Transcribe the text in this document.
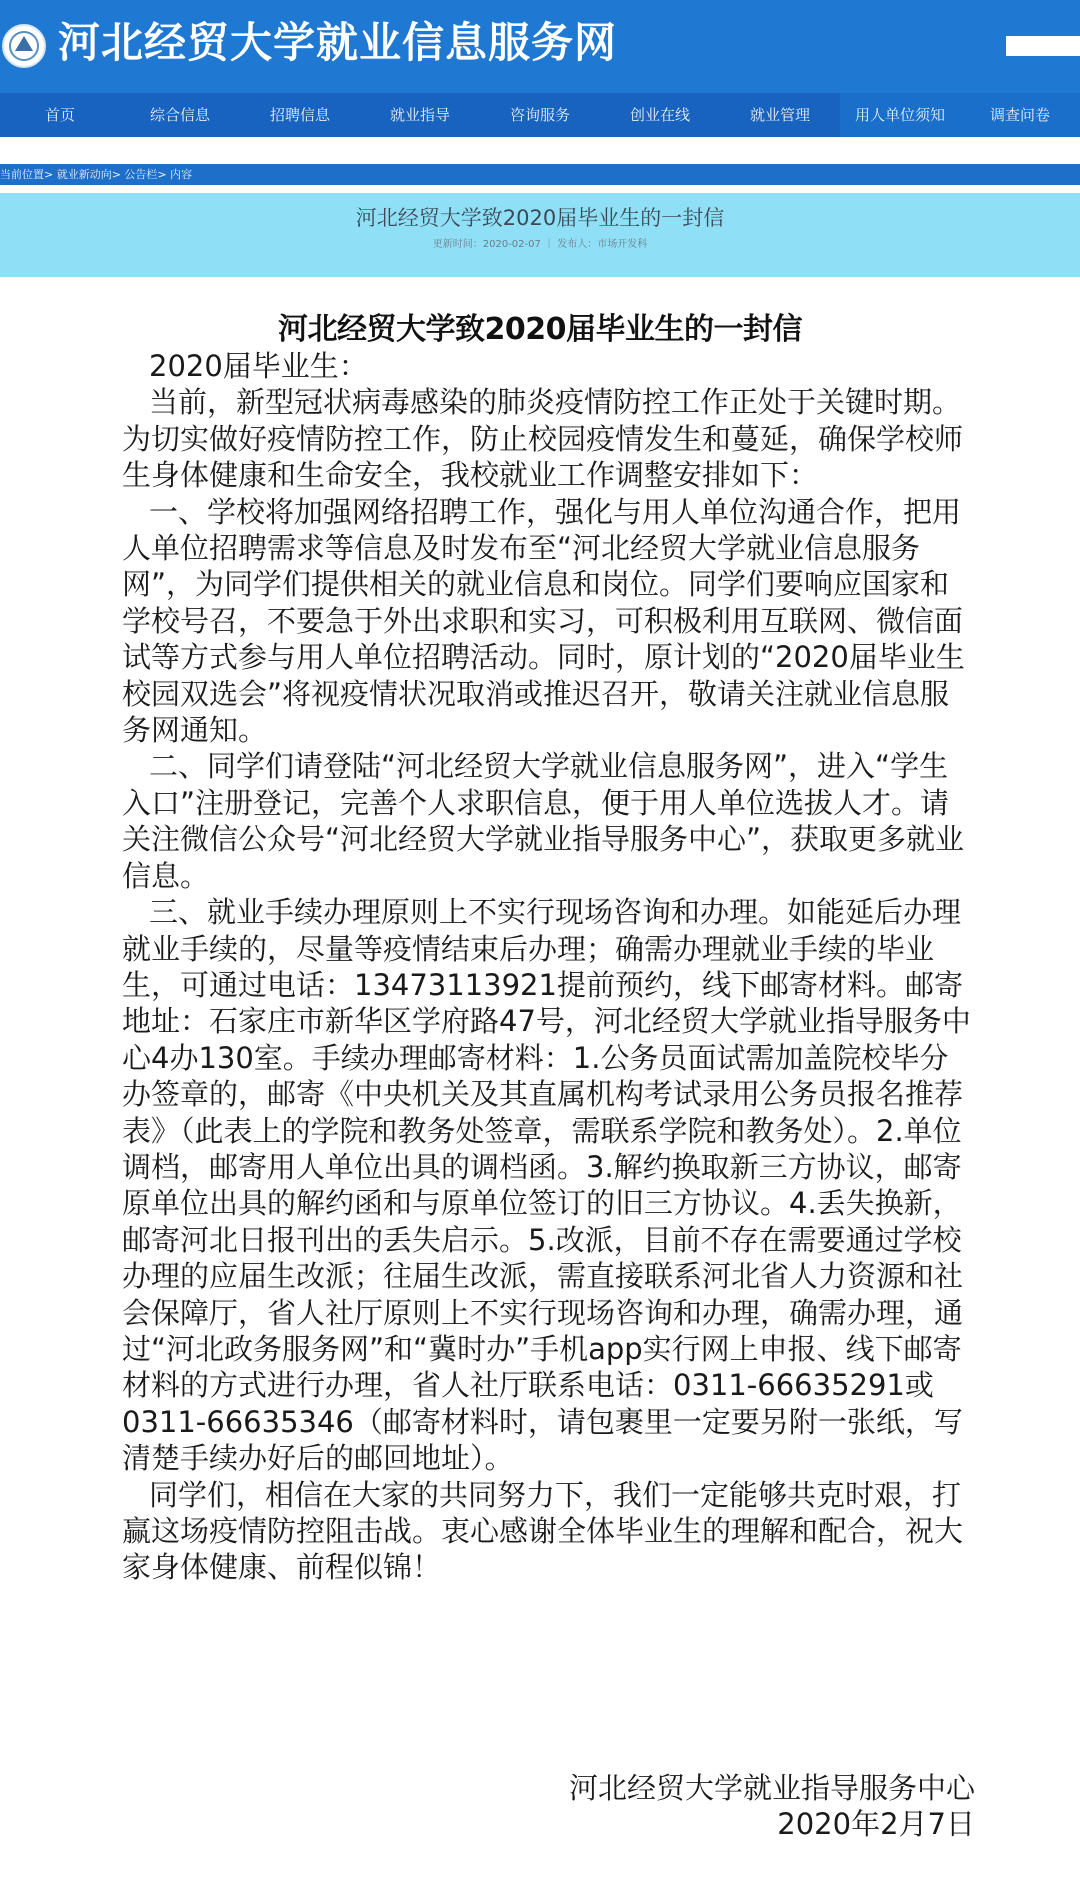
河北经贸大学就业信息服务网
首页	综合信息	招聘信息	就业指导	咨询服务	创业在线	就业管理	用人单位须知	调查问卷
当前位置> 就业新动向> 公告栏> 内容
河北经贸大学致2020届毕业生的一封信
更新时间：2020-02-07 ｜ 发布人：市场开发科
河北经贸大学致2020届毕业生的一封信

2020届毕业生：

当前，新型冠状病毒感染的肺炎疫情防控工作正处于关键时期。为切实做好疫情防控工作，防止校园疫情发生和蔓延，确保学校师生身体健康和生命安全，我校就业工作调整安排如下：

一、学校将加强网络招聘工作，强化与用人单位沟通合作，把用人单位招聘需求等信息及时发布至“河北经贸大学就业信息服务网”，为同学们提供相关的就业信息和岗位。同学们要响应国家和学校号召，不要急于外出求职和实习，可积极利用互联网、微信面试等方式参与用人单位招聘活动。同时，原计划的“2020届毕业生校园双选会”将视疫情状况取消或推迟召开，敬请关注就业信息服务网通知。

二、同学们请登陆“河北经贸大学就业信息服务网”，进入“学生入口”注册登记，完善个人求职信息，便于用人单位选拔人才。请关注微信公众号“河北经贸大学就业指导服务中心”，获取更多就业信息。

三、就业手续办理原则上不实行现场咨询和办理。如能延后办理就业手续的，尽量等疫情结束后办理；确需办理就业手续的毕业生，可通过电话：13473113921提前预约，线下邮寄材料。邮寄地址：石家庄市新华区学府路47号，河北经贸大学就业指导服务中心4办130室。手续办理邮寄材料：1.公务员面试需加盖院校毕分办签章的，邮寄《中央机关及其直属机构考试录用公务员报名推荐表》（此表上的学院和教务处签章，需联系学院和教务处）。2.单位调档，邮寄用人单位出具的调档函。3.解约换取新三方协议，邮寄原单位出具的解约函和与原单位签订的旧三方协议。4.丢失换新，邮寄河北日报刊出的丢失启示。5.改派，目前不存在需要通过学校办理的应届生改派；往届生改派，需直接联系河北省人力资源和社会保障厅，省人社厅原则上不实行现场咨询和办理，确需办理，通过“河北政务服务网”和“冀时办”手机app实行网上申报、线下邮寄材料的方式进行办理，省人社厅联系电话：0311-66635291或0311-66635346（邮寄材料时，请包裹里一定要另附一张纸，写清楚手续办好后的邮回地址）。

同学们，相信在大家的共同努力下，我们一定能够共克时艰，打赢这场疫情防控阻击战。衷心感谢全体毕业生的理解和配合，祝大家身体健康、前程似锦！

河北经贸大学就业指导服务中心
2020年2月7日
